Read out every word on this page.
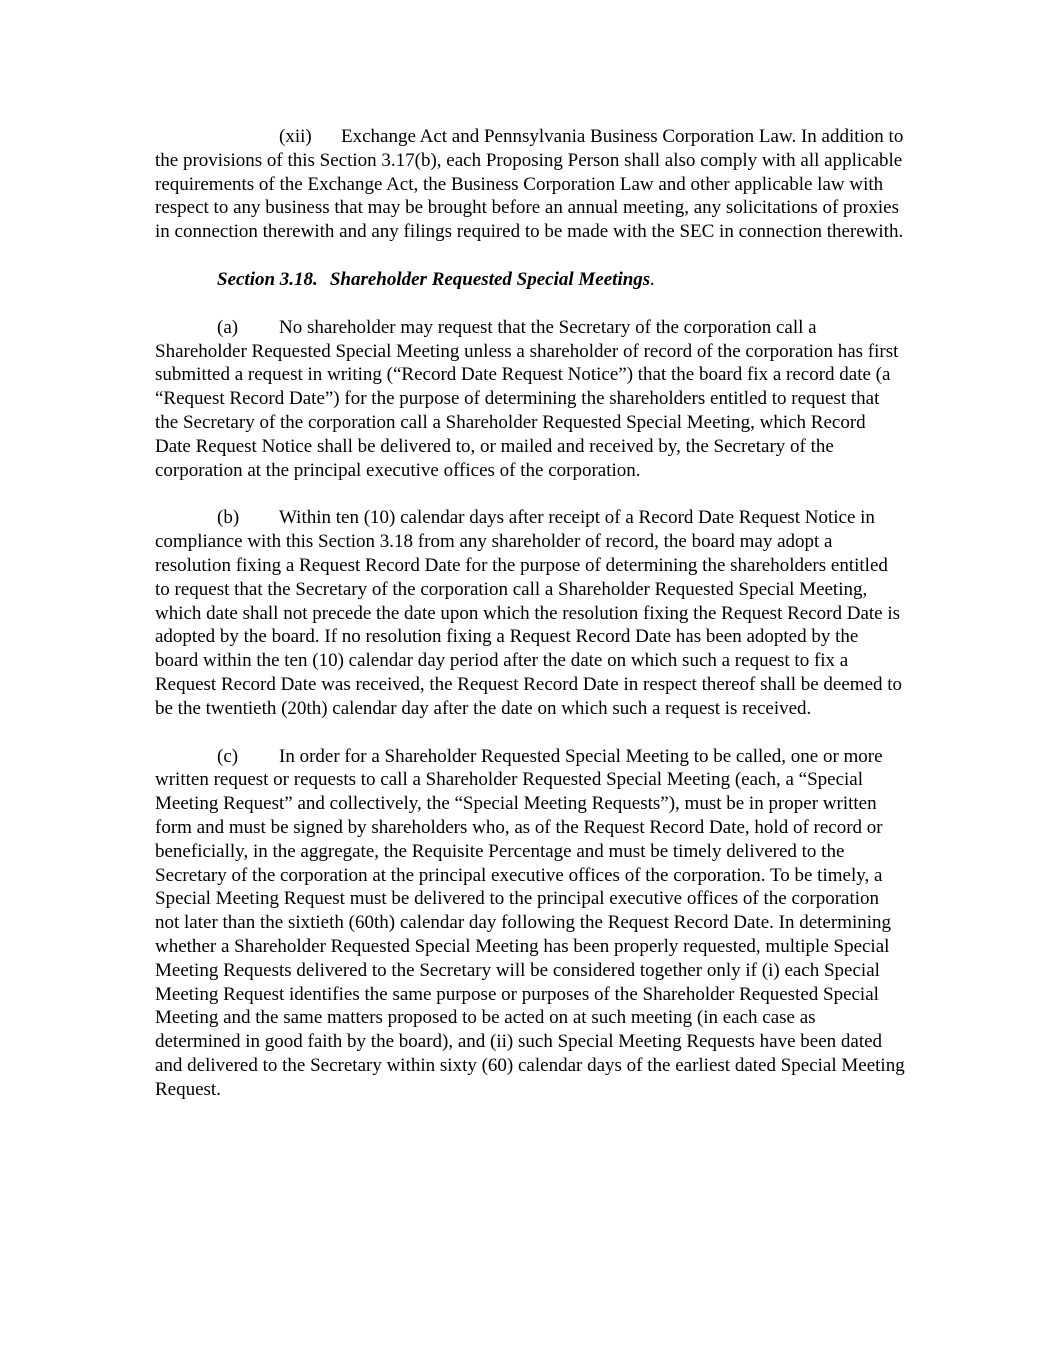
(xii) Exchange Act and Pennsylvania Business Corporation Law. In addition to the provisions of this Section 3.17(b), each Proposing Person shall also comply with all applicable requirements of the Exchange Act, the Business Corporation Law and other applicable law with respect to any business that may be brought before an annual meeting, any solicitations of proxies in connection therewith and any filings required to be made with the SEC in connection therewith.

Section 3.18. Shareholder Requested Special Meetings.

(a) No shareholder may request that the Secretary of the corporation call a Shareholder Requested Special Meeting unless a shareholder of record of the corporation has first submitted a request in writing (“Record Date Request Notice”) that the board fix a record date (a “Request Record Date”) for the purpose of determining the shareholders entitled to request that the Secretary of the corporation call a Shareholder Requested Special Meeting, which Record Date Request Notice shall be delivered to, or mailed and received by, the Secretary of the corporation at the principal executive offices of the corporation.

(b) Within ten (10) calendar days after receipt of a Record Date Request Notice in compliance with this Section 3.18 from any shareholder of record, the board may adopt a resolution fixing a Request Record Date for the purpose of determining the shareholders entitled to request that the Secretary of the corporation call a Shareholder Requested Special Meeting, which date shall not precede the date upon which the resolution fixing the Request Record Date is adopted by the board. If no resolution fixing a Request Record Date has been adopted by the board within the ten (10) calendar day period after the date on which such a request to fix a Request Record Date was received, the Request Record Date in respect thereof shall be deemed to be the twentieth (20th) calendar day after the date on which such a request is received.

(c) In order for a Shareholder Requested Special Meeting to be called, one or more written request or requests to call a Shareholder Requested Special Meeting (each, a “Special Meeting Request” and collectively, the “Special Meeting Requests”), must be in proper written form and must be signed by shareholders who, as of the Request Record Date, hold of record or beneficially, in the aggregate, the Requisite Percentage and must be timely delivered to the Secretary of the corporation at the principal executive offices of the corporation. To be timely, a Special Meeting Request must be delivered to the principal executive offices of the corporation not later than the sixtieth (60th) calendar day following the Request Record Date. In determining whether a Shareholder Requested Special Meeting has been properly requested, multiple Special Meeting Requests delivered to the Secretary will be considered together only if (i) each Special Meeting Request identifies the same purpose or purposes of the Shareholder Requested Special Meeting and the same matters proposed to be acted on at such meeting (in each case as determined in good faith by the board), and (ii) such Special Meeting Requests have been dated and delivered to the Secretary within sixty (60) calendar days of the earliest dated Special Meeting Request.
